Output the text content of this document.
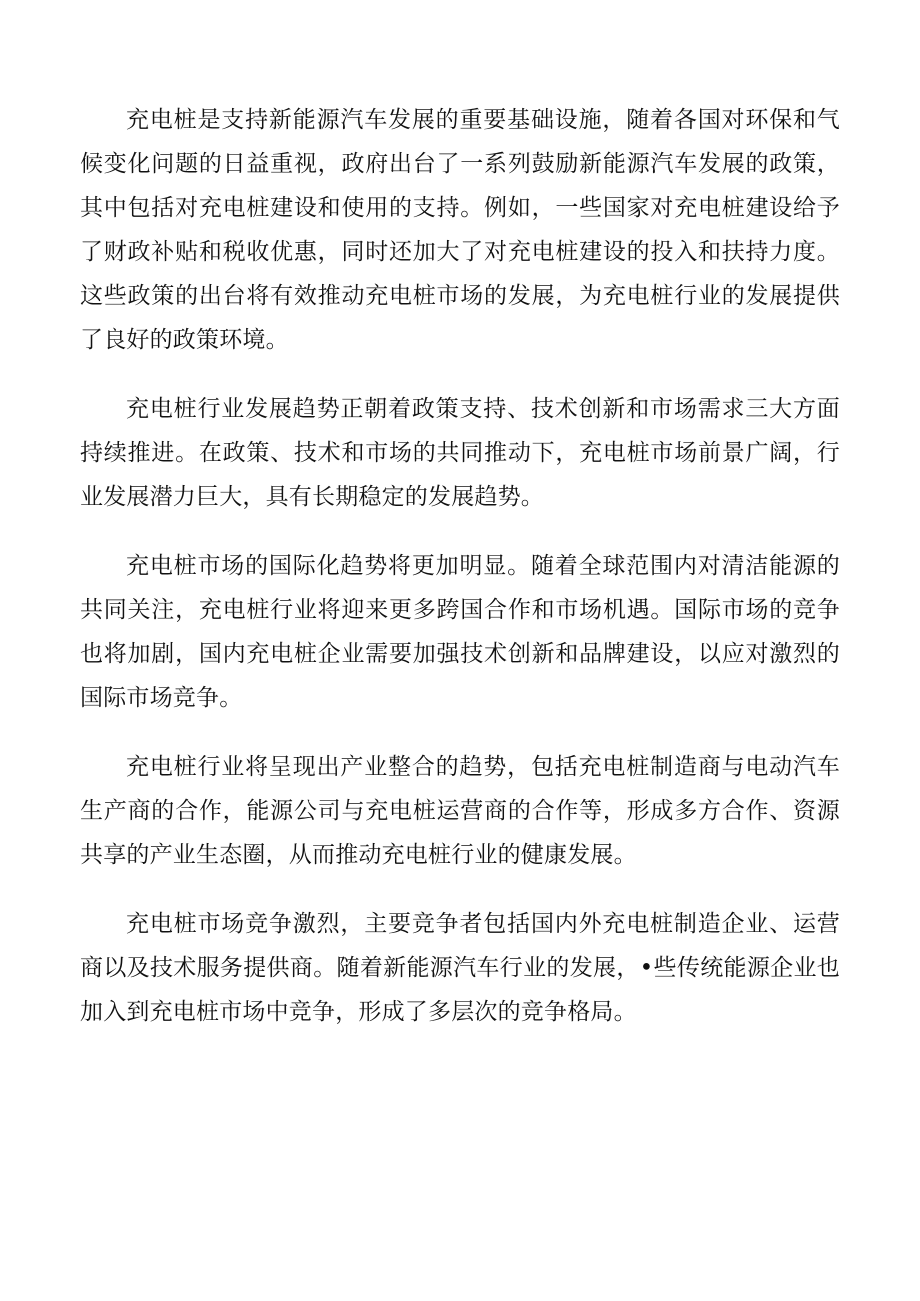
充电桩是支持新能源汽车发展的重要基础设施，随着各国对环保和气候变化问题的日益重视，政府出台了一系列鼓励新能源汽车发展的政策，其中包括对充电桩建设和使用的支持。例如，一些国家对充电桩建设给予了财政补贴和税收优惠，同时还加大了对充电桩建设的投入和扶持力度。这些政策的出台将有效推动充电桩市场的发展，为充电桩行业的发展提供了良好的政策环境。

充电桩行业发展趋势正朝着政策支持、技术创新和市场需求三大方面持续推进。在政策、技术和市场的共同推动下，充电桩市场前景广阔，行业发展潜力巨大，具有长期稳定的发展趋势。

充电桩市场的国际化趋势将更加明显。随着全球范围内对清洁能源的共同关注，充电桩行业将迎来更多跨国合作和市场机遇。国际市场的竞争也将加剧，国内充电桩企业需要加强技术创新和品牌建设，以应对激烈的国际市场竞争。

充电桩行业将呈现出产业整合的趋势，包括充电桩制造商与电动汽车生产商的合作，能源公司与充电桩运营商的合作等，形成多方合作、资源共享的产业生态圈，从而推动充电桩行业的健康发展。

充电桩市场竞争激烈，主要竞争者包括国内外充电桩制造企业、运营商以及技术服务提供商。随着新能源汽车行业的发展，•些传统能源企业也加入到充电桩市场中竞争，形成了多层次的竞争格局。
